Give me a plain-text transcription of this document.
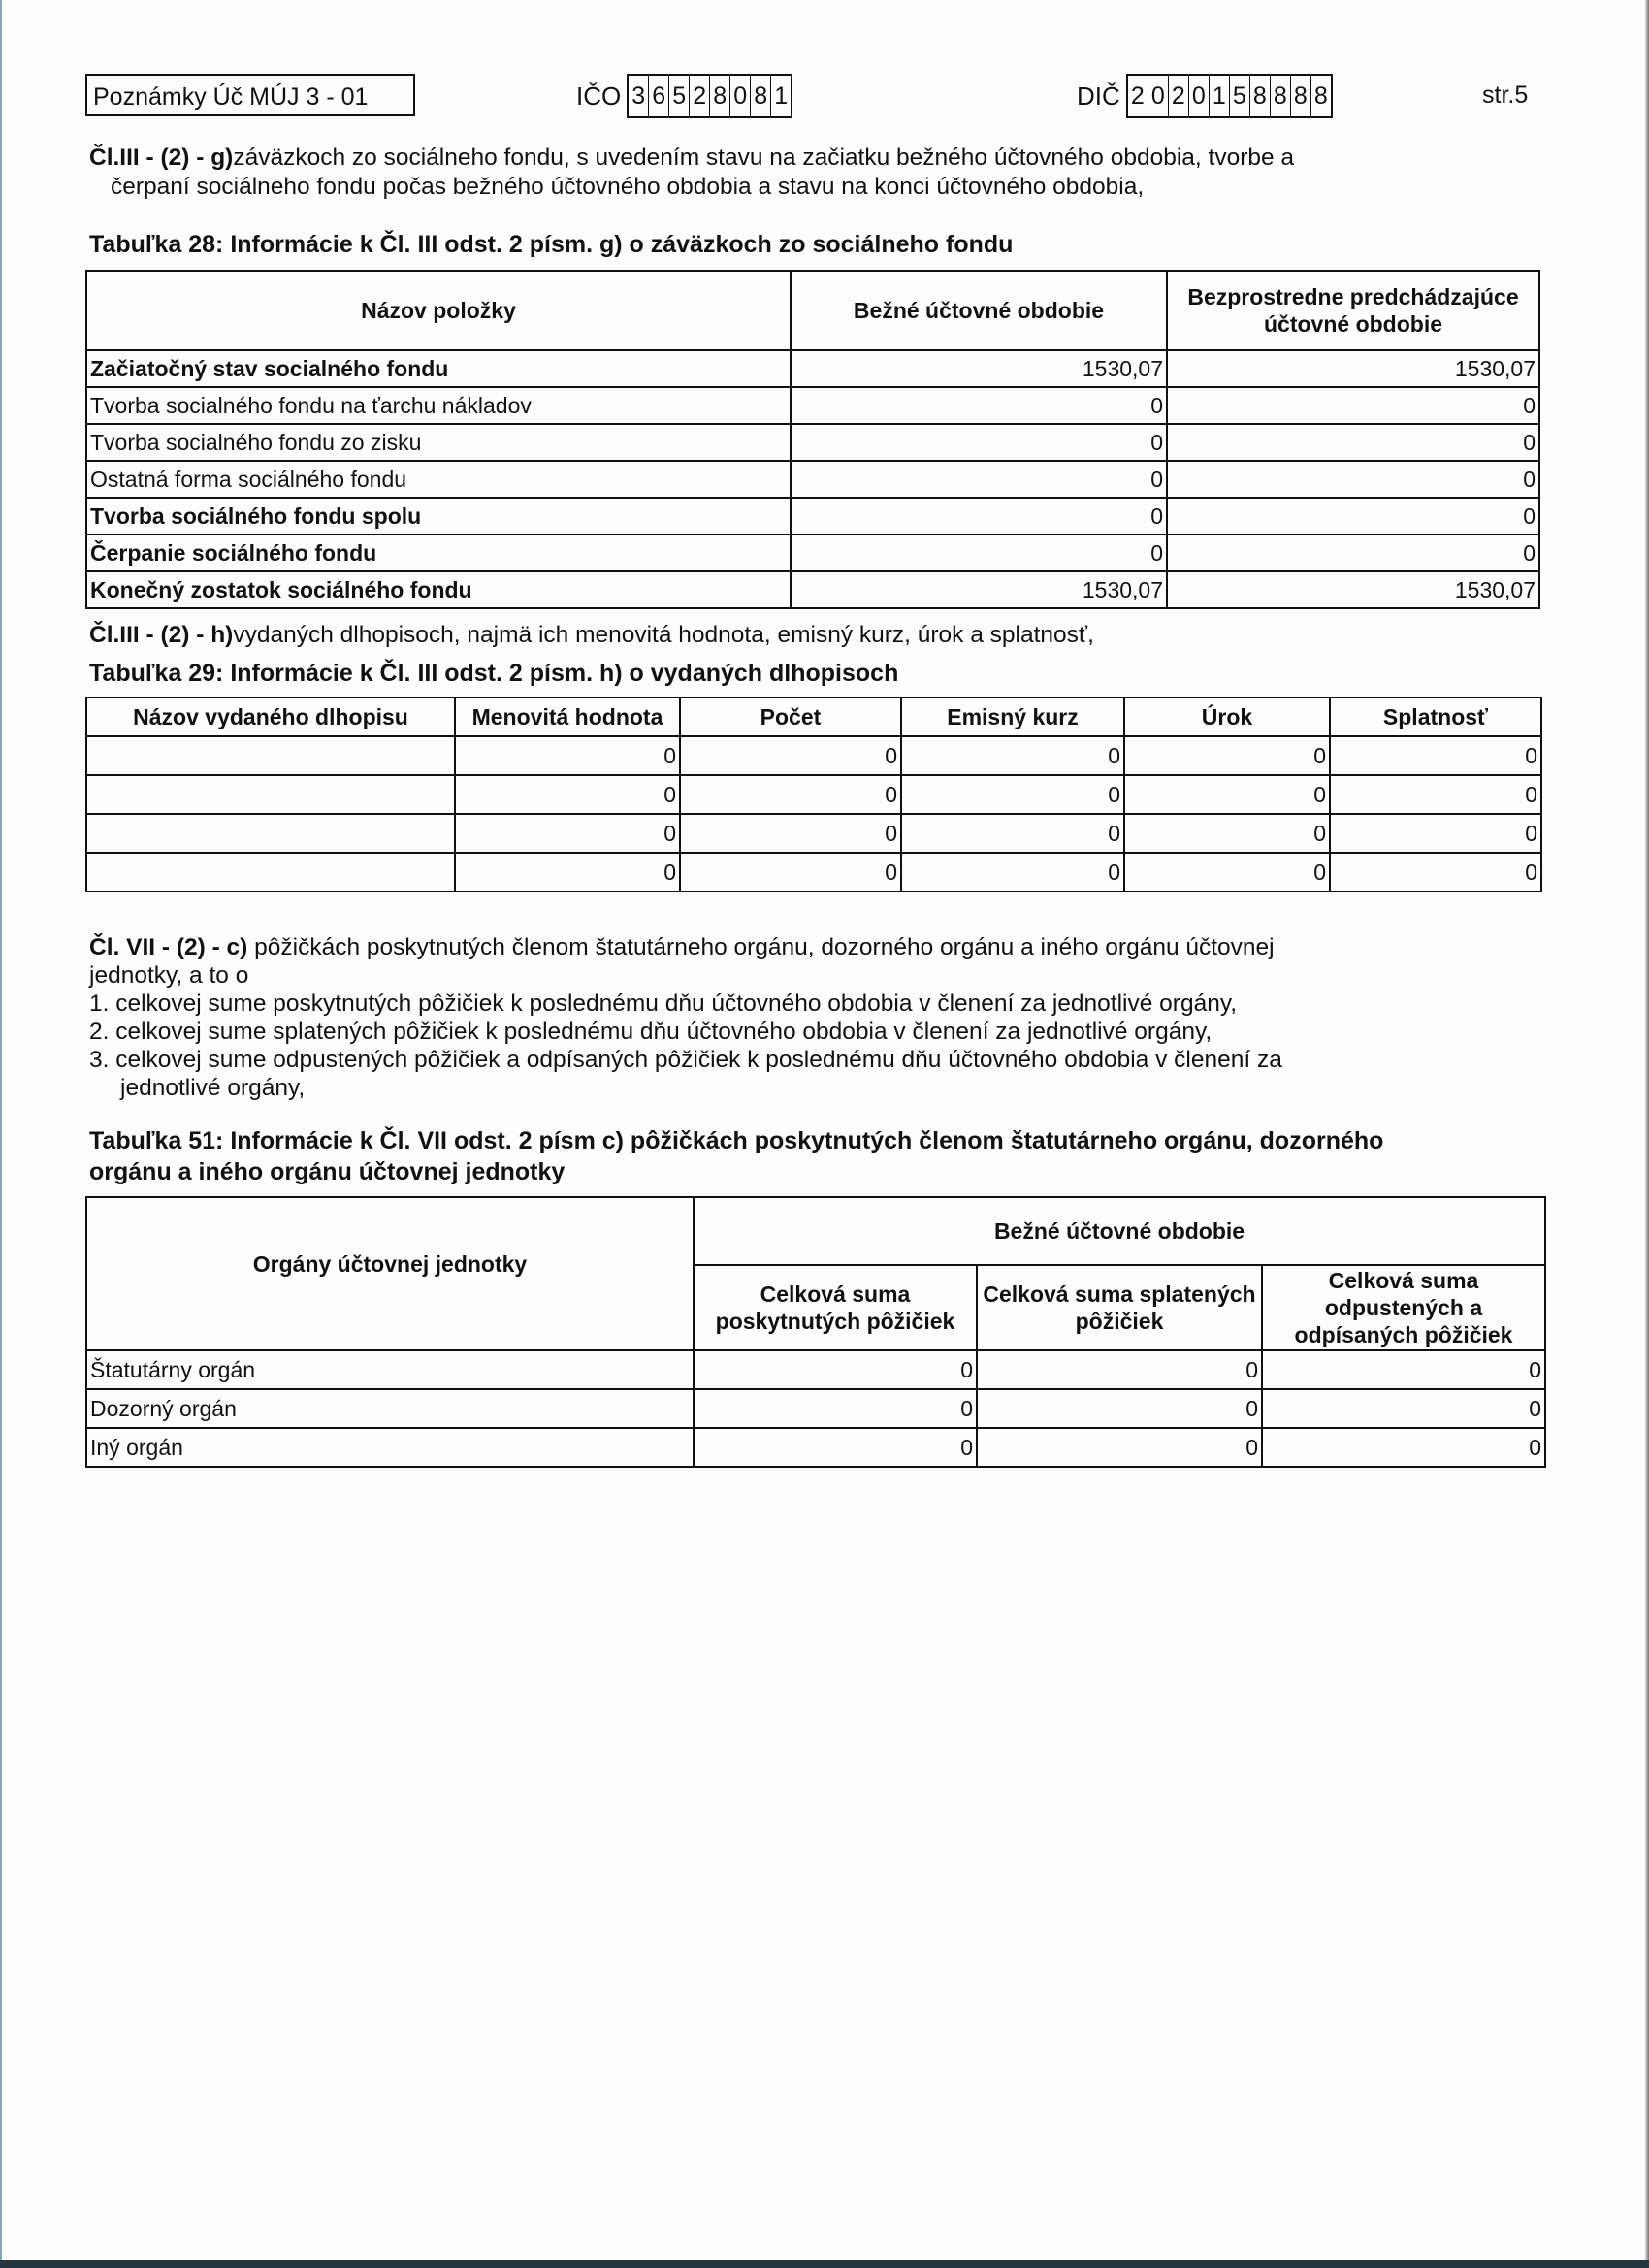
Poznámky Úč MÚJ 3 - 01	IČO 3 6 5 2 8 0 8 1	DIČ 2 0 2 0 1 5 8 8 8 8	str.5
Čl.III - (2) - g)záväzkoch zo sociálneho fondu, s uvedením stavu na začiatku bežného účtovného obdobia, tvorbe a
čerpaní sociálneho fondu počas bežného účtovného obdobia a stavu na konci účtovného obdobia,
Tabuľka 28: Informácie k Čl. III odst. 2 písm. g) o záväzkoch zo sociálneho fondu
Názov položky	Bežné účtovné obdobie	Bezprostredne predchádzajúce účtovné obdobie
Začiatočný stav socialného fondu	1530,07	1530,07
Tvorba socialného fondu na ťarchu nákladov	0	0
Tvorba socialného fondu zo zisku	0	0
Ostatná forma sociálného fondu	0	0
Tvorba sociálného fondu spolu	0	0
Čerpanie sociálného fondu	0	0
Konečný zostatok sociálného fondu	1530,07	1530,07
Čl.III - (2) - h)vydaných dlhopisoch, najmä ich menovitá hodnota, emisný kurz, úrok a splatnosť,
Tabuľka 29: Informácie k Čl. III odst. 2 písm. h) o vydaných dlhopisoch
Názov vydaného dlhopisu	Menovitá hodnota	Počet	Emisný kurz	Úrok	Splatnosť
	0	0	0	0	0
	0	0	0	0	0
	0	0	0	0	0
	0	0	0	0	0
Čl. VII - (2) - c) pôžičkách poskytnutých členom štatutárneho orgánu, dozorného orgánu a iného orgánu účtovnej
jednotky, a to o
1. celkovej sume poskytnutých pôžičiek k poslednému dňu účtovného obdobia v členení za jednotlivé orgány,
2. celkovej sume splatených pôžičiek k poslednému dňu účtovného obdobia v členení za jednotlivé orgány,
3. celkovej sume odpustených pôžičiek a odpísaných pôžičiek k poslednému dňu účtovného obdobia v členení za
jednotlivé orgány,
Tabuľka 51: Informácie k Čl. VII odst. 2 písm c) pôžičkách poskytnutých členom štatutárneho orgánu, dozorného
orgánu a iného orgánu účtovnej jednotky
Orgány účtovnej jednotky	Bežné účtovné obdobie		
	Celková suma poskytnutých pôžičiek	Celková suma splatených pôžičiek	Celková suma odpustených a odpísaných pôžičiek
Štatutárny orgán	0	0	0
Dozorný orgán	0	0	0
Iný orgán	0	0	0
